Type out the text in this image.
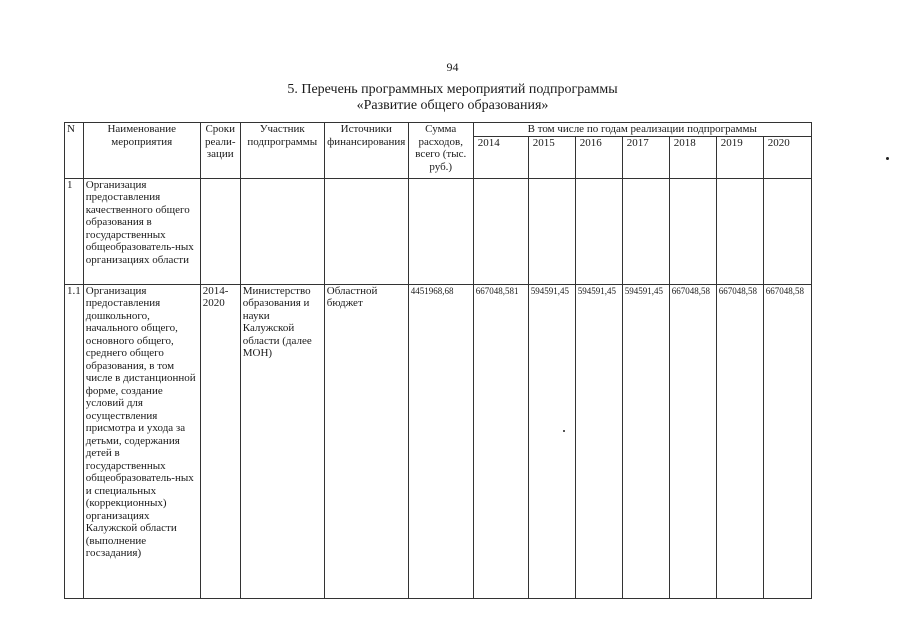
94
5. Перечень программных мероприятий подпрограммы
«Развитие общего образования»
N	Наименование мероприятия	Сроки реали-зации	Участник подпрограммы	Источники финансирования	Сумма расходов, всего (тыс. руб.)	В том числе по годам реализации подпрограммы						
						2014	2015	2016	2017	2018	2019	2020
1	Организация предоставления качественного общего образования в государственных общеобразователь-ных организациях области											
1.1	Организация предоставления дошкольного, начального общего, основного общего, среднего общего образования, в том числе в дистанционной форме, создание условий для осуществления присмотра и ухода за детьми, содержания детей в государственных общеобразователь-ных и специальных (коррекционных) организациях Калужской области (выполнение госзадания)	2014-2020	Министерство образования и науки Калужской области (далее МОН)	Областной бюджет	4451968,68	667048,581	594591,45	594591,45	594591,45	667048,58	667048,58	667048,58
